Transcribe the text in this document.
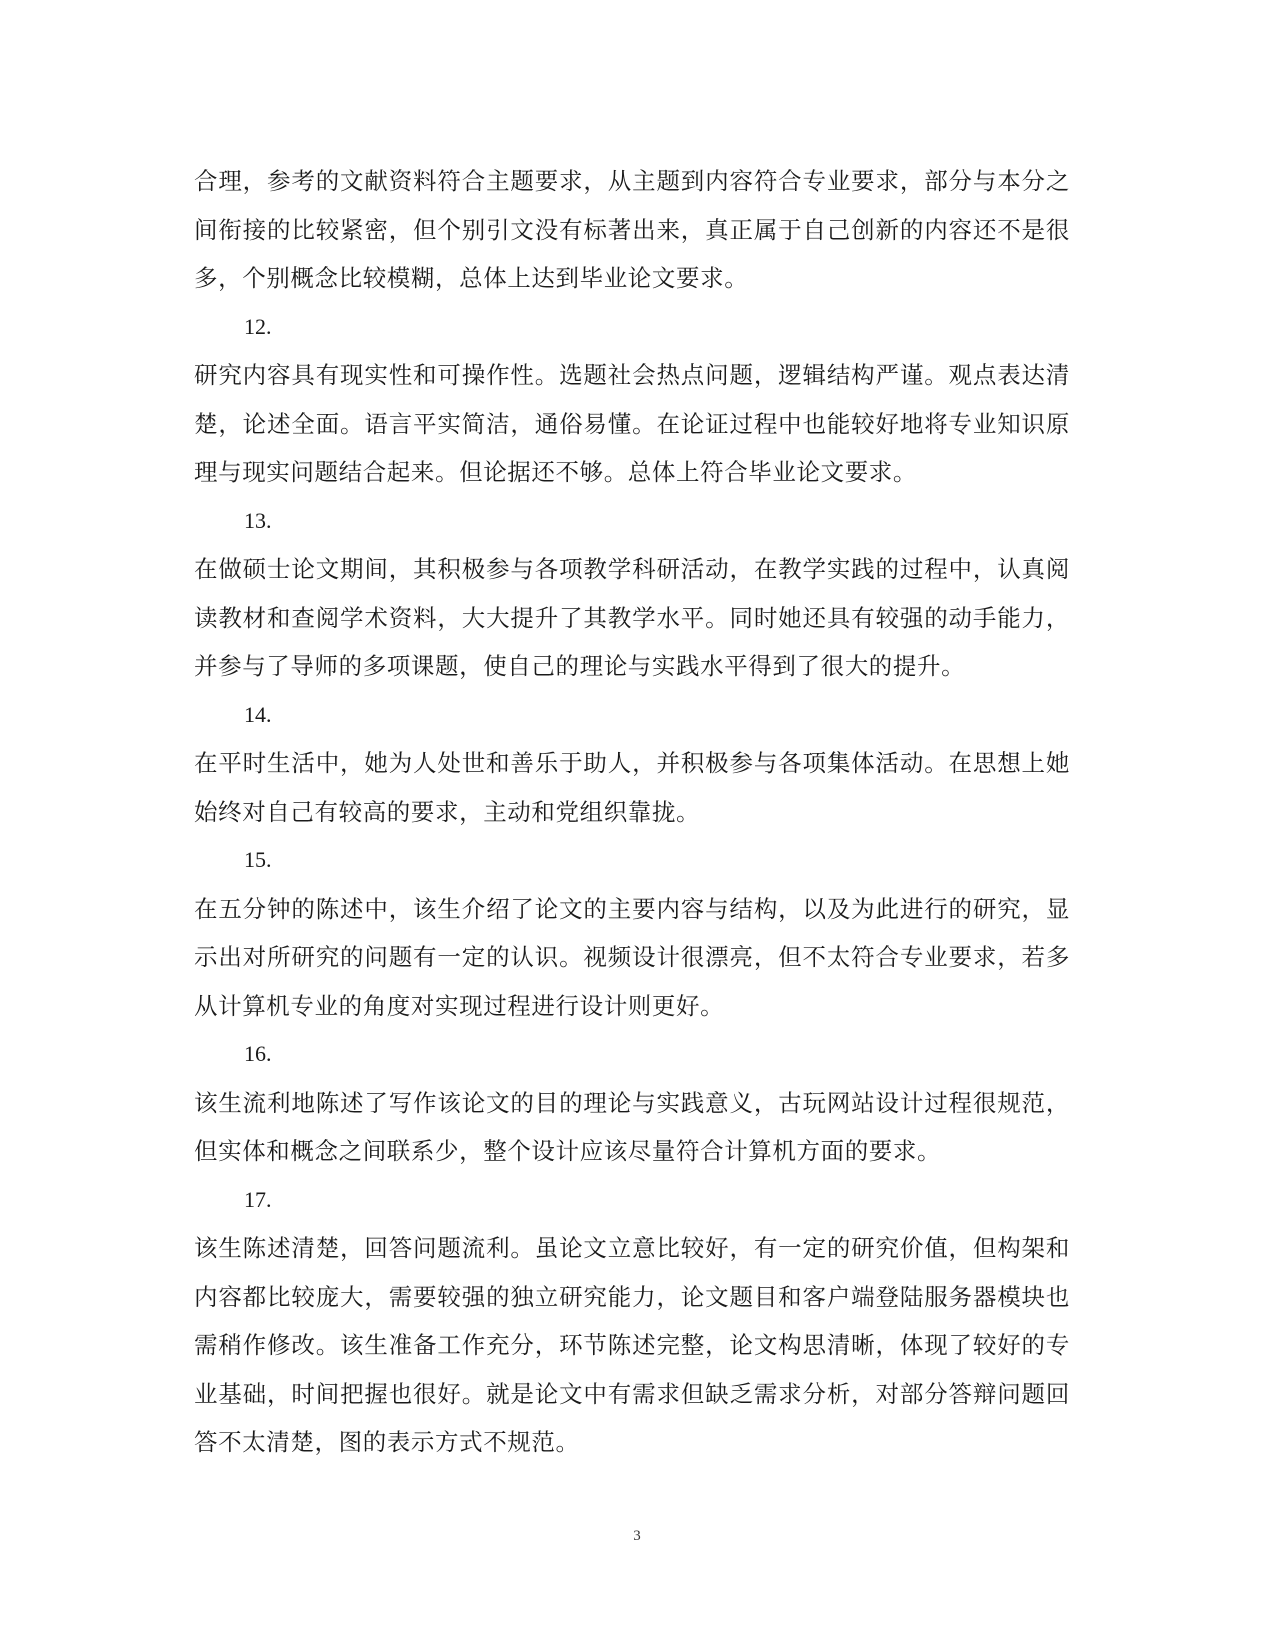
合理，参考的文献资料符合主题要求，从主题到内容符合专业要求，部分与本分之间衔接的比较紧密，但个别引文没有标著出来，真正属于自己创新的内容还不是很多，个别概念比较模糊，总体上达到毕业论文要求。

12.

研究内容具有现实性和可操作性。选题社会热点问题，逻辑结构严谨。观点表达清楚，论述全面。语言平实简洁，通俗易懂。在论证过程中也能较好地将专业知识原理与现实问题结合起来。但论据还不够。总体上符合毕业论文要求。

13.

在做硕士论文期间，其积极参与各项教学科研活动，在教学实践的过程中，认真阅读教材和查阅学术资料，大大提升了其教学水平。同时她还具有较强的动手能力，并参与了导师的多项课题，使自己的理论与实践水平得到了很大的提升。

14.

在平时生活中，她为人处世和善乐于助人，并积极参与各项集体活动。在思想上她始终对自己有较高的要求，主动和党组织靠拢。

15.

在五分钟的陈述中，该生介绍了论文的主要内容与结构，以及为此进行的研究，显示出对所研究的问题有一定的认识。视频设计很漂亮，但不太符合专业要求，若多从计算机专业的角度对实现过程进行设计则更好。

16.

该生流利地陈述了写作该论文的目的理论与实践意义，古玩网站设计过程很规范，但实体和概念之间联系少，整个设计应该尽量符合计算机方面的要求。

17.

该生陈述清楚，回答问题流利。虽论文立意比较好，有一定的研究价值，但构架和内容都比较庞大，需要较强的独立研究能力，论文题目和客户端登陆服务器模块也需稍作修改。该生准备工作充分，环节陈述完整，论文构思清晰，体现了较好的专业基础，时间把握也很好。就是论文中有需求但缺乏需求分析，对部分答辩问题回答不太清楚，图的表示方式不规范。

3
